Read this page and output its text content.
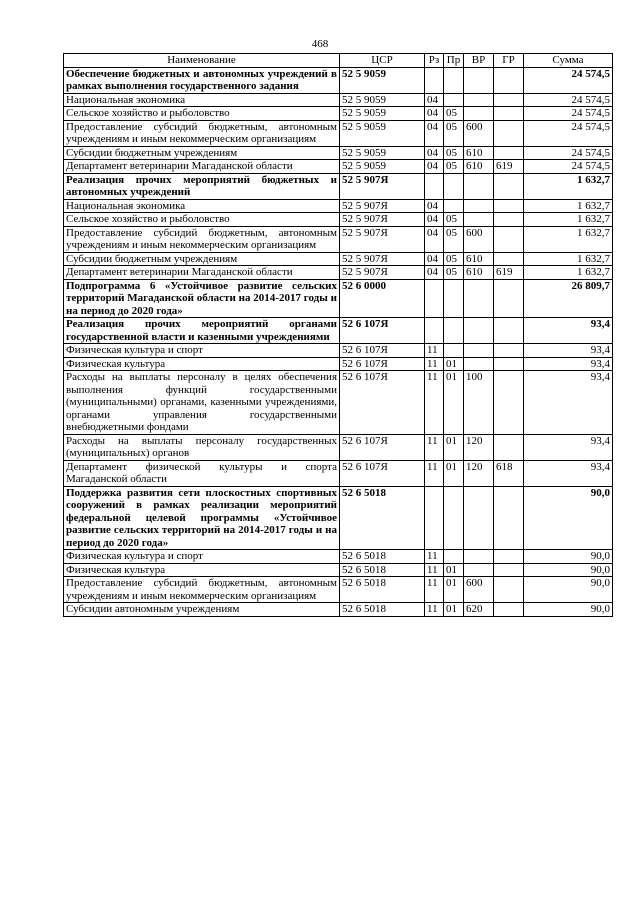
468
Наименование	ЦСР	Рз	Пр	ВР	ГР	Сумма
Обеспечение бюджетных и автономных учреждений в рамках выполнения государственного задания	52 5 9059					24 574,5
Национальная экономика	52 5 9059	04				24 574,5
Сельское хозяйство и рыболовство	52 5 9059	04	05			24 574,5
Предоставление субсидий бюджетным, автономным учреждениям и иным некоммерческим организациям	52 5 9059	04	05	600		24 574,5
Субсидии бюджетным учреждениям	52 5 9059	04	05	610		24 574,5
Департамент ветеринарии Магаданской области	52 5 9059	04	05	610	619	24 574,5
Реализация прочих мероприятий бюджетных и автономных учреждений	52 5 907Я					1 632,7
Национальная экономика	52 5 907Я	04				1 632,7
Сельское хозяйство и рыболовство	52 5 907Я	04	05			1 632,7
Предоставление субсидий бюджетным, автономным учреждениям и иным некоммерческим организациям	52 5 907Я	04	05	600		1 632,7
Субсидии бюджетным учреждениям	52 5 907Я	04	05	610		1 632,7
Департамент ветеринарии Магаданской области	52 5 907Я	04	05	610	619	1 632,7
Подпрограмма 6 «Устойчивое развитие сельских территорий Магаданской области на 2014-2017 годы и на период до 2020 года»	52 6 0000					26 809,7
Реализация прочих мероприятий органами государственной власти и казенными учреждениями	52 6 107Я					93,4
Физическая культура и спорт	52 6 107Я	11				93,4
Физическая культура	52 6 107Я	11	01			93,4
Расходы на выплаты персоналу в целях обеспечения выполнения функций государственными (муниципальными) органами, казенными учреждениями, органами управления государственными внебюджетными фондами	52 6 107Я	11	01	100		93,4
Расходы на выплаты персоналу государственных (муниципальных) органов	52 6 107Я	11	01	120		93,4
Департамент физической культуры и спорта Магаданской области	52 6 107Я	11	01	120	618	93,4
Поддержка развития сети плоскостных спортивных сооружений в рамках реализации мероприятий федеральной целевой программы «Устойчивое развитие сельских территорий на 2014-2017 годы и на период до 2020 года»	52 6 5018					90,0
Физическая культура и спорт	52 6 5018	11				90,0
Физическая культура	52 6 5018	11	01			90,0
Предоставление субсидий бюджетным, автономным учреждениям и иным некоммерческим организациям	52 6 5018	11	01	600		90,0
Субсидии автономным учреждениям	52 6 5018	11	01	620		90,0
